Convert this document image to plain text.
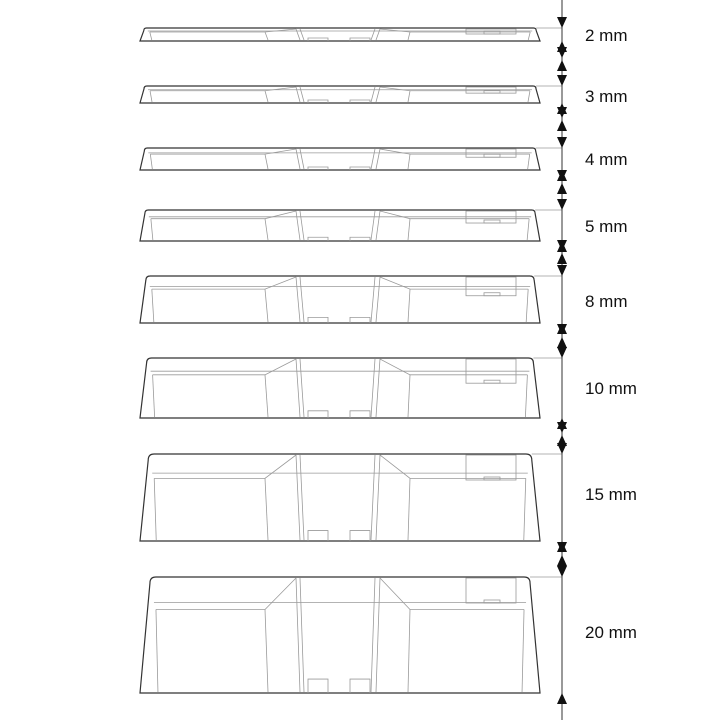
2 mm
3 mm
4 mm
5 mm
8 mm
10 mm
15 mm
20 mm
